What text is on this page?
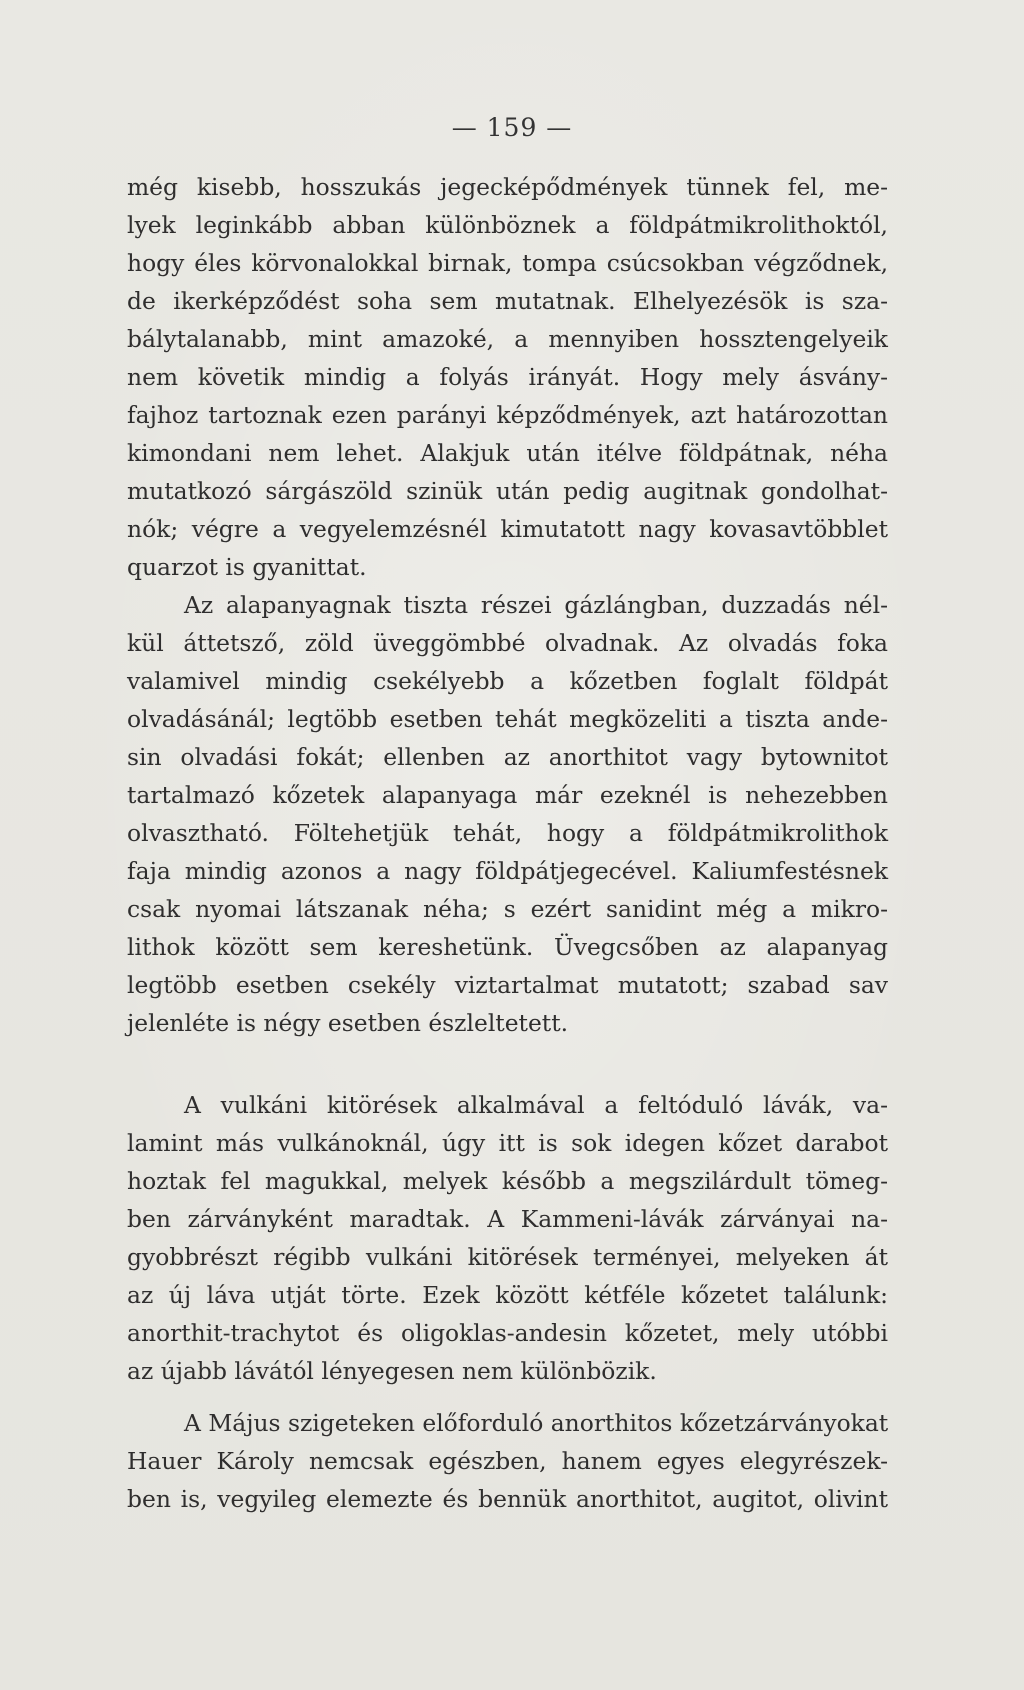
— 159 —
még kisebb, hosszukás jegecképődmények tünnek fel, me-
lyek leginkább abban különböznek a földpátmikrolithoktól,
hogy éles körvonalokkal birnak, tompa csúcsokban végződnek,
de ikerképződést soha sem mutatnak. Elhelyezésök is sza-
bálytalanabb, mint amazoké, a mennyiben hossztengelyeik
nem követik mindig a folyás irányát. Hogy mely ásvány-
fajhoz tartoznak ezen parányi képződmények, azt határozottan
kimondani nem lehet. Alakjuk után itélve földpátnak, néha
mutatkozó sárgászöld szinük után pedig augitnak gondolhat-
nók; végre a vegyelemzésnél kimutatott nagy kovasavtöbblet
quarzot is gyanittat.
Az alapanyagnak tiszta részei gázlángban, duzzadás nél-
kül áttetsző, zöld üveggömbbé olvadnak. Az olvadás foka
valamivel mindig csekélyebb a kőzetben foglalt földpát
olvadásánál; legtöbb esetben tehát megközeliti a tiszta ande-
sin olvadási fokát; ellenben az anorthitot vagy bytownitot
tartalmazó kőzetek alapanyaga már ezeknél is nehezebben
olvasztható. Föltehetjük tehát, hogy a földpátmikrolithok
faja mindig azonos a nagy földpátjegecével. Kaliumfestésnek
csak nyomai látszanak néha; s ezért sanidint még a mikro-
lithok között sem kereshetünk. Üvegcsőben az alapanyag
legtöbb esetben csekély viztartalmat mutatott; szabad sav
jelenléte is négy esetben észleltetett.
A vulkáni kitörések alkalmával a feltóduló lávák, va-
lamint más vulkánoknál, úgy itt is sok idegen kőzet darabot
hoztak fel magukkal, melyek később a megszilárdult tömeg-
ben zárványként maradtak. A Kammeni-lávák zárványai na-
gyobbrészt régibb vulkáni kitörések terményei, melyeken át
az új láva utját törte. Ezek között kétféle kőzetet találunk:
anorthit-trachytot és oligoklas-andesin kőzetet, mely utóbbi
az újabb lávától lényegesen nem különbözik.
A Május szigeteken előforduló anorthitos kőzetzárványokat
Hauer Károly nemcsak egészben, hanem egyes elegyrészek-
ben is, vegyileg elemezte és bennük anorthitot, augitot, olivint
